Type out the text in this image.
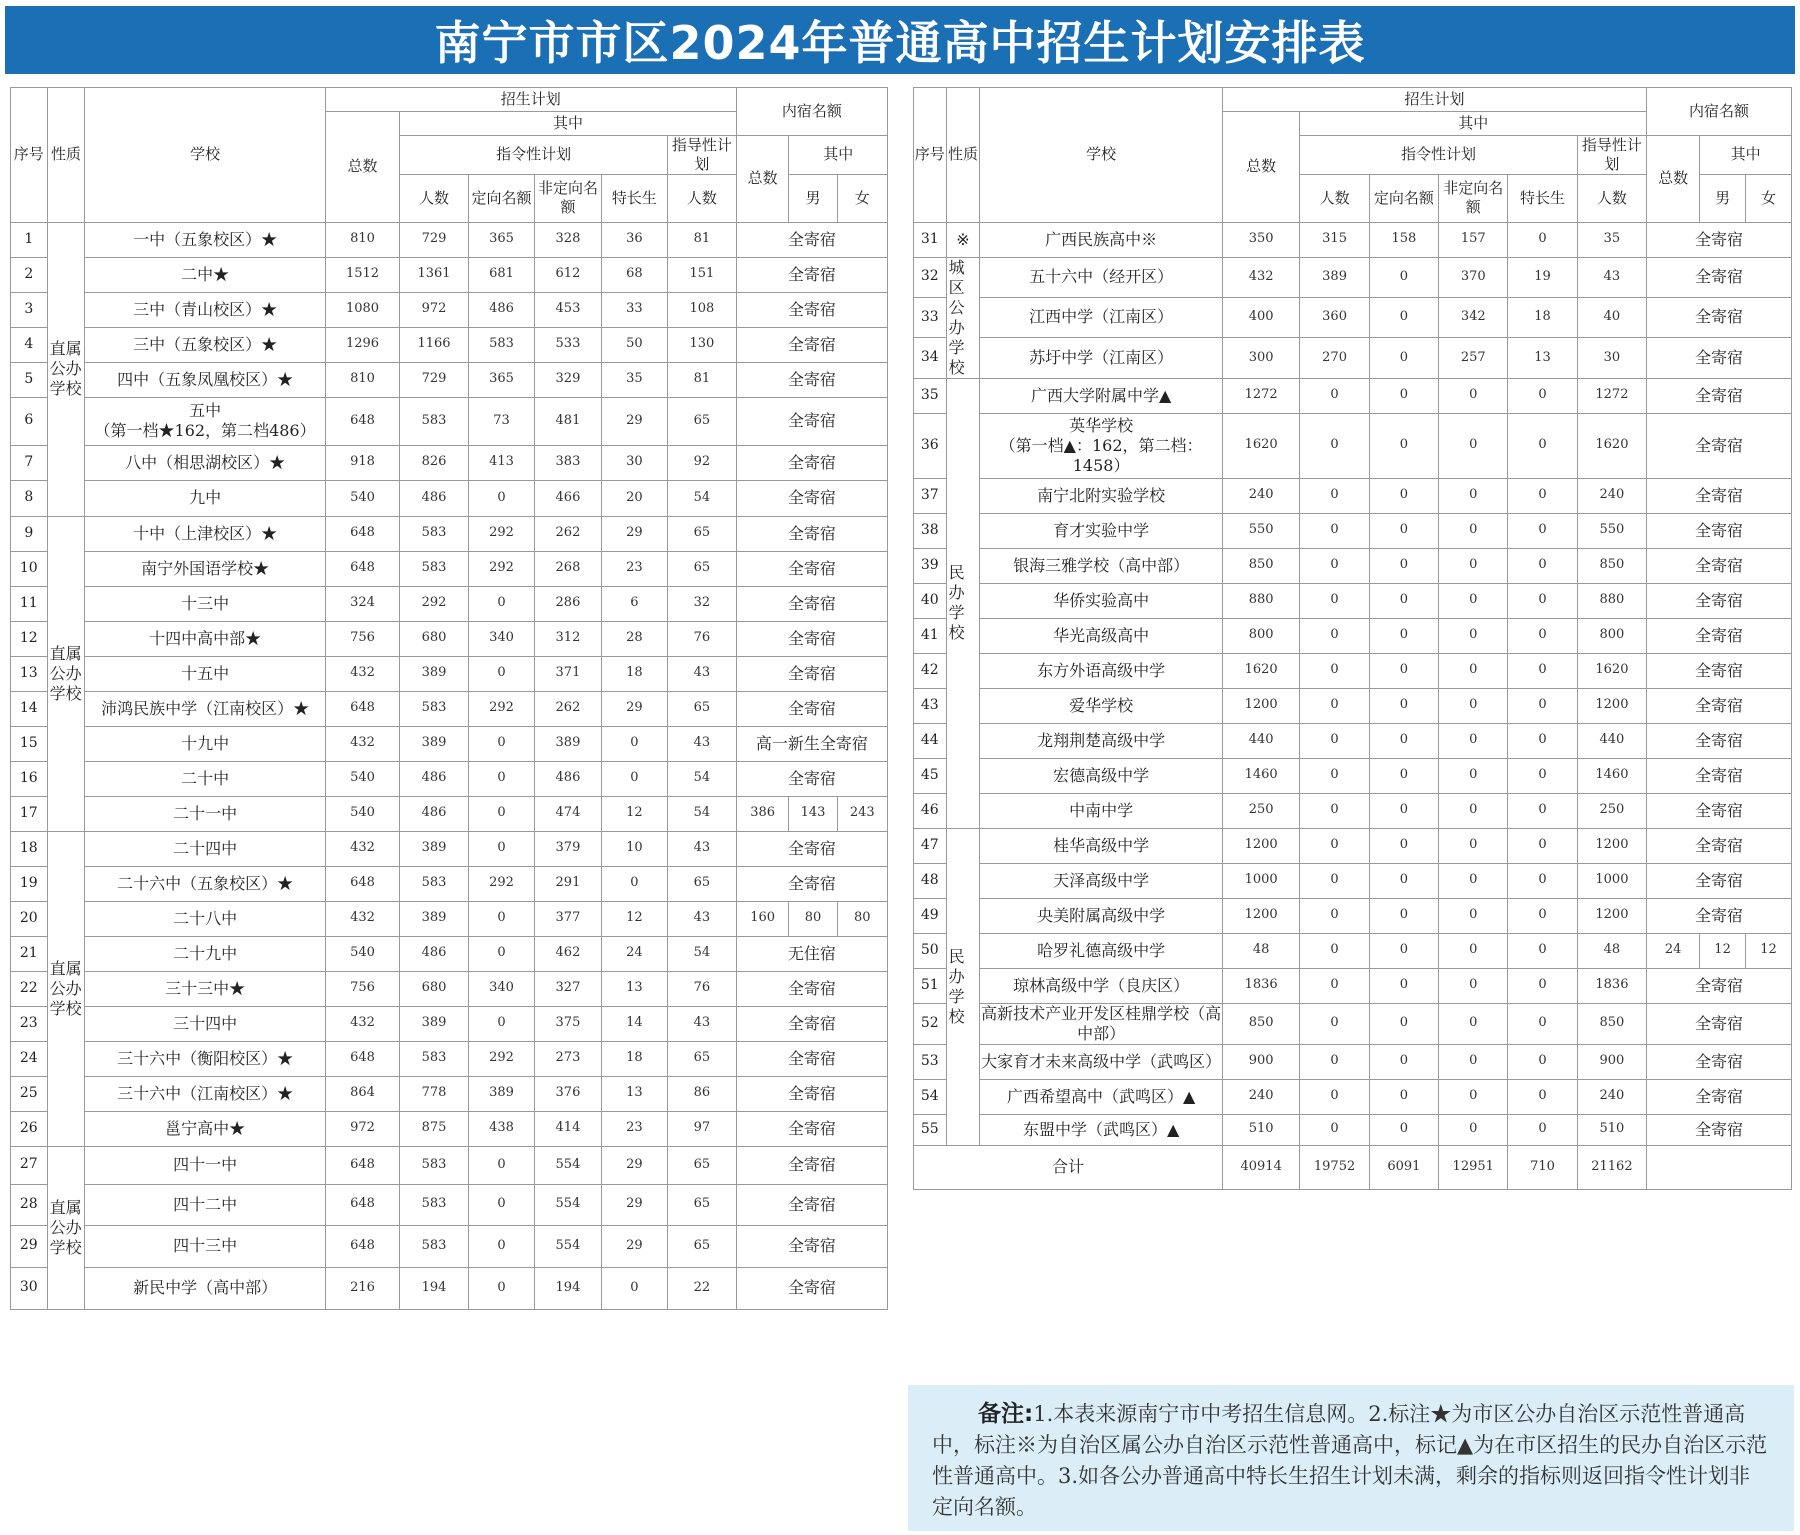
南宁市市区2024年普通高中招生计划安排表
序号	性质	学校	招生计划						内宿名额		
			总数	其中							
				指令性计划				指导性计划	总数	其中	
				人数	定向名额	非定向名额	特长生	人数		男	女
1	直属
公办
学校	一中（五象校区）★	810	729	365	328	36	81	全寄宿		
2		二中★	1512	1361	681	612	68	151	全寄宿		
3		三中（青山校区）★	1080	972	486	453	33	108	全寄宿		
4		三中（五象校区）★	1296	1166	583	533	50	130	全寄宿		
5		四中（五象凤凰校区）★	810	729	365	329	35	81	全寄宿		
6		五中
（第一档★162，第二档486）	648	583	73	481	29	65	全寄宿		
7		八中（相思湖校区）★	918	826	413	383	30	92	全寄宿		
8		九中	540	486	0	466	20	54	全寄宿		
9	直属
公办
学校	十中（上津校区）★	648	583	292	262	29	65	全寄宿		
10		南宁外国语学校★	648	583	292	268	23	65	全寄宿		
11		十三中	324	292	0	286	6	32	全寄宿		
12		十四中高中部★	756	680	340	312	28	76	全寄宿		
13		十五中	432	389	0	371	18	43	全寄宿		
14		沛鸿民族中学（江南校区）★	648	583	292	262	29	65	全寄宿		
15		十九中	432	389	0	389	0	43	高一新生全寄宿		
16		二十中	540	486	0	486	0	54	全寄宿		
17		二十一中	540	486	0	474	12	54	386	143	243
18	直属
公办
学校	二十四中	432	389	0	379	10	43	全寄宿		
19		二十六中（五象校区）★	648	583	292	291	0	65	全寄宿		
20		二十八中	432	389	0	377	12	43	160	80	80
21		二十九中	540	486	0	462	24	54	无住宿		
22		三十三中★	756	680	340	327	13	76	全寄宿		
23		三十四中	432	389	0	375	14	43	全寄宿		
24		三十六中（衡阳校区）★	648	583	292	273	18	65	全寄宿		
25		三十六中（江南校区）★	864	778	389	376	13	86	全寄宿		
26		邕宁高中★	972	875	438	414	23	97	全寄宿		
27	直属
公办
学校	四十一中	648	583	0	554	29	65	全寄宿		
28		四十二中	648	583	0	554	29	65	全寄宿		
29		四十三中	648	583	0	554	29	65	全寄宿		
30		新民中学（高中部）	216	194	0	194	0	22	全寄宿		
序号	性质	学校	招生计划						内宿名额		
			总数	其中							
				指令性计划				指导性计划	总数	其中	
				人数	定向名额	非定向名额	特长生	人数		男	女
31	※	广西民族高中※	350	315	158	157	0	35	全寄宿		
32	城区
公办
学校	五十六中（经开区）	432	389	0	370	19	43	全寄宿		
33		江西中学（江南区）	400	360	0	342	18	40	全寄宿		
34		苏圩中学（江南区）	300	270	0	257	13	30	全寄宿		
35	民办
学校	广西大学附属中学▲	1272	0	0	0	0	1272	全寄宿		
36		英华学校
（第一档▲：162，第二档：
1458）	1620	0	0	0	0	1620	全寄宿		
37		南宁北附实验学校	240	0	0	0	0	240	全寄宿		
38		育才实验中学	550	0	0	0	0	550	全寄宿		
39		银海三雅学校（高中部）	850	0	0	0	0	850	全寄宿		
40		华侨实验高中	880	0	0	0	0	880	全寄宿		
41		华光高级高中	800	0	0	0	0	800	全寄宿		
42		东方外语高级中学	1620	0	0	0	0	1620	全寄宿		
43		爱华学校	1200	0	0	0	0	1200	全寄宿		
44		龙翔荆楚高级中学	440	0	0	0	0	440	全寄宿		
45		宏德高级中学	1460	0	0	0	0	1460	全寄宿		
46		中南中学	250	0	0	0	0	250	全寄宿		
47	民办
学校	桂华高级中学	1200	0	0	0	0	1200	全寄宿		
48		天泽高级中学	1000	0	0	0	0	1000	全寄宿		
49		央美附属高级中学	1200	0	0	0	0	1200	全寄宿		
50		哈罗礼德高级中学	48	0	0	0	0	48	24	12	12
51		琼林高级中学（良庆区）	1836	0	0	0	0	1836	全寄宿		
52		高新技术产业开发区桂鼎学校（高
中部）	850	0	0	0	0	850	全寄宿		
53		大家育才未来高级中学（武鸣区）	900	0	0	0	0	900	全寄宿		
54		广西希望高中（武鸣区）▲	240	0	0	0	0	240	全寄宿		
55		东盟中学（武鸣区）▲	510	0	0	0	0	510	全寄宿		
合计			40914	19752	6091	12951	710	21162			

备注:1.本表来源南宁市中考招生信息网。2.标注★为市区公办自治区示范性普通高中，标注※为自治区属公办自治区示范性普通高中，标记▲为在市区招生的民办自治区示范性普通高中。3.如各公办普通高中特长生招生计划未满，剩余的指标则返回指令性计划非定向名额。
